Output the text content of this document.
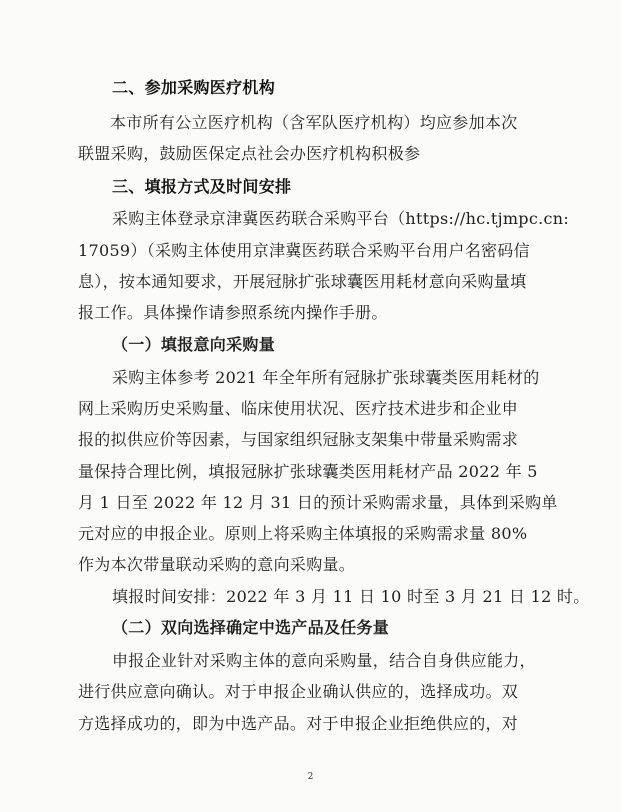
二、参加采购医疗机构
本市所有公立医疗机构（含军队医疗机构）均应参加本次
联盟采购，鼓励医保定点社会办医疗机构积极参
三、填报方式及时间安排
采购主体登录京津冀医药联合采购平台（https://hc.tjmpc.cn:
17059）（采购主体使用京津冀医药联合采购平台用户名密码信
息），按本通知要求，开展冠脉扩张球囊医用耗材意向采购量填
报工作。具体操作请参照系统内操作手册。
（一）填报意向采购量
采购主体参考 2021 年全年所有冠脉扩张球囊类医用耗材的
网上采购历史采购量、临床使用状况、医疗技术进步和企业申
报的拟供应价等因素，与国家组织冠脉支架集中带量采购需求
量保持合理比例，填报冠脉扩张球囊类医用耗材产品 2022 年 5
月 1 日至 2022 年 12 月 31 日的预计采购需求量，具体到采购单
元对应的申报企业。原则上将采购主体填报的采购需求量 80%
作为本次带量联动采购的意向采购量。
填报时间安排：2022 年 3 月 11 日 10 时至 3 月 21 日 12 时。
（二）双向选择确定中选产品及任务量
申报企业针对采购主体的意向采购量，结合自身供应能力，
进行供应意向确认。对于申报企业确认供应的，选择成功。双
方选择成功的，即为中选产品。对于申报企业拒绝供应的，对
2
